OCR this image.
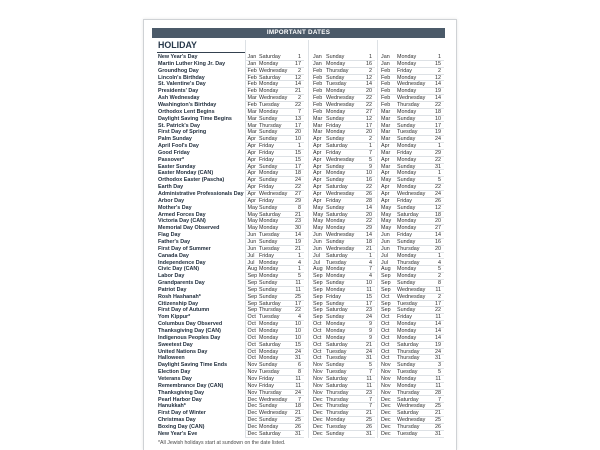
IMPORTANT DATES
HOLIDAY
New Year's Day	Jan Saturday	1 Jan Sunday	1 Jan Monday	1
Martin Luther King Jr. Day	Jan Monday	17 Jan Monday	16 Jan Monday	15
Groundhog Day	Feb Wednesday	2 Feb Thursday	2 Feb Friday	2
Lincoln's Birthday	Feb Saturday	12 Feb Sunday	12 Feb Monday	12
St. Valentine's Day	Feb Monday	14 Feb Tuesday	14 Feb Wednesday	14
Presidents' Day	Feb Monday	21 Feb Monday	20 Feb Monday	19
Ash Wednesday	Mar Wednesday	2 Feb Wednesday	22 Feb Wednesday	14
Washington's Birthday	Feb Tuesday	22 Feb Wednesday	22 Feb Thursday	22
Orthodox Lent Begins	Mar Monday	7 Feb Monday	27 Mar Monday	18
Daylight Saving Time Begins	Mar Sunday	13 Mar Sunday	12 Mar Sunday	10
St. Patrick's Day	Mar Thursday	17 Mar Friday	17 Mar Sunday	17
First Day of Spring	Mar Sunday	20 Mar Monday	20 Mar Tuesday	19
Palm Sunday	Apr Sunday	10 Apr Sunday	2 Mar Sunday	24
April Fool's Day	Apr Friday	1 Apr Saturday	1 Apr Monday	1
Good Friday	Apr Friday	15 Apr Friday	7 Mar Friday	29
Passover*	Apr Friday	15 Apr Wednesday	5 Apr Monday	22
Easter Sunday	Apr Sunday	17 Apr Sunday	9 Mar Sunday	31
Easter Monday (CAN)	Apr Monday	18 Apr Monday	10 Apr Monday	1
Orthodox Easter (Pascha)	Apr Sunday	24 Apr Sunday	16 May Sunday	5
Earth Day	Apr Friday	22 Apr Saturday	22 Apr Monday	22
Administrative Professionals Day Apr Wednesday	27 Apr Wednesday	26 Apr Wednesday	24
Arbor Day	Apr Friday	29 Apr Friday	28 Apr Friday	26
Mother's Day	May Sunday	8 May Sunday	14 May Sunday	12
Armed Forces Day	May Saturday	21 May Saturday	20 May Saturday	18
Victoria Day (CAN)	May Monday	23 May Monday	22 May Monday	20
Memorial Day Observed	May Monday	30 May Monday	29 May Monday	27
Flag Day	Jun Tuesday	14 Jun Wednesday	14 Jun Friday	14
Father's Day	Jun Sunday	19 Jun Sunday	18 Jun Sunday	16
First Day of Summer	Jun Tuesday	21 Jun Wednesday	21 Jun Thursday	20
Canada Day	Jul Friday	1 Jul Saturday	1 Jul Monday	1
Independence Day	Jul Monday	4 Jul Tuesday	4 Jul Thursday	4
Civic Day (CAN)	Aug Monday	1 Aug Monday	7 Aug Monday	5
Labor Day	Sep Monday	5 Sep Monday	4 Sep Monday	2
Grandparents Day	Sep Sunday	11 Sep Sunday	10 Sep Sunday	8
Patriot Day	Sep Sunday	11 Sep Monday	11 Sep Wednesday	11
Rosh Hashanah*	Sep Sunday	25 Sep Friday	15 Oct Wednesday	2
Citizenship Day	Sep Saturday	17 Sep Sunday	17 Sep Tuesday	17
First Day of Autumn	Sep Thursday	22 Sep Saturday	23 Sep Sunday	22
Yom Kippur*	Oct Tuesday	4 Sep Sunday	24 Oct Friday	11
Columbus Day Observed	Oct Monday	10 Oct Monday	9 Oct Monday	14
Thanksgiving Day (CAN)	Oct Monday	10 Oct Monday	9 Oct Monday	14
Indigenous Peoples Day	Oct Monday	10 Oct Monday	9 Oct Monday	14
Sweetest Day	Oct Saturday	15 Oct Saturday	21 Oct Saturday	19
United Nations Day	Oct Monday	24 Oct Tuesday	24 Oct Thursday	24
Halloween	Oct Monday	31 Oct Tuesday	31 Oct Thursday	31
Daylight Saving Time Ends	Nov Sunday	6 Nov Sunday	5 Nov Sunday	3
Election Day	Nov Tuesday	8 Nov Tuesday	7 Nov Tuesday	5
Veterans Day	Nov Friday	11 Nov Saturday	11 Nov Monday	11
Remembrance Day (CAN)	Nov Friday	11 Nov Saturday	11 Nov Monday	11
Thanksgiving Day	Nov Thursday	24 Nov Thursday	23 Nov Thursday	28
Pearl Harbor Day	Dec Wednesday	7 Dec Thursday	7 Dec Saturday	7
Hanukkah*	Dec Sunday	18 Dec Thursday	7 Dec Wednesday	25
First Day of Winter	Dec Wednesday	21 Dec Thursday	21 Dec Saturday	21
Christmas Day	Dec Sunday	25 Dec Monday	25 Dec Wednesday	25
Boxing Day (CAN)	Dec Monday	26 Dec Tuesday	26 Dec Thursday	26
New Year's Eve	Dec Saturday	31 Dec Sunday	31 Dec Tuesday	31
*All Jewish holidays start at sundown on the date listed.
